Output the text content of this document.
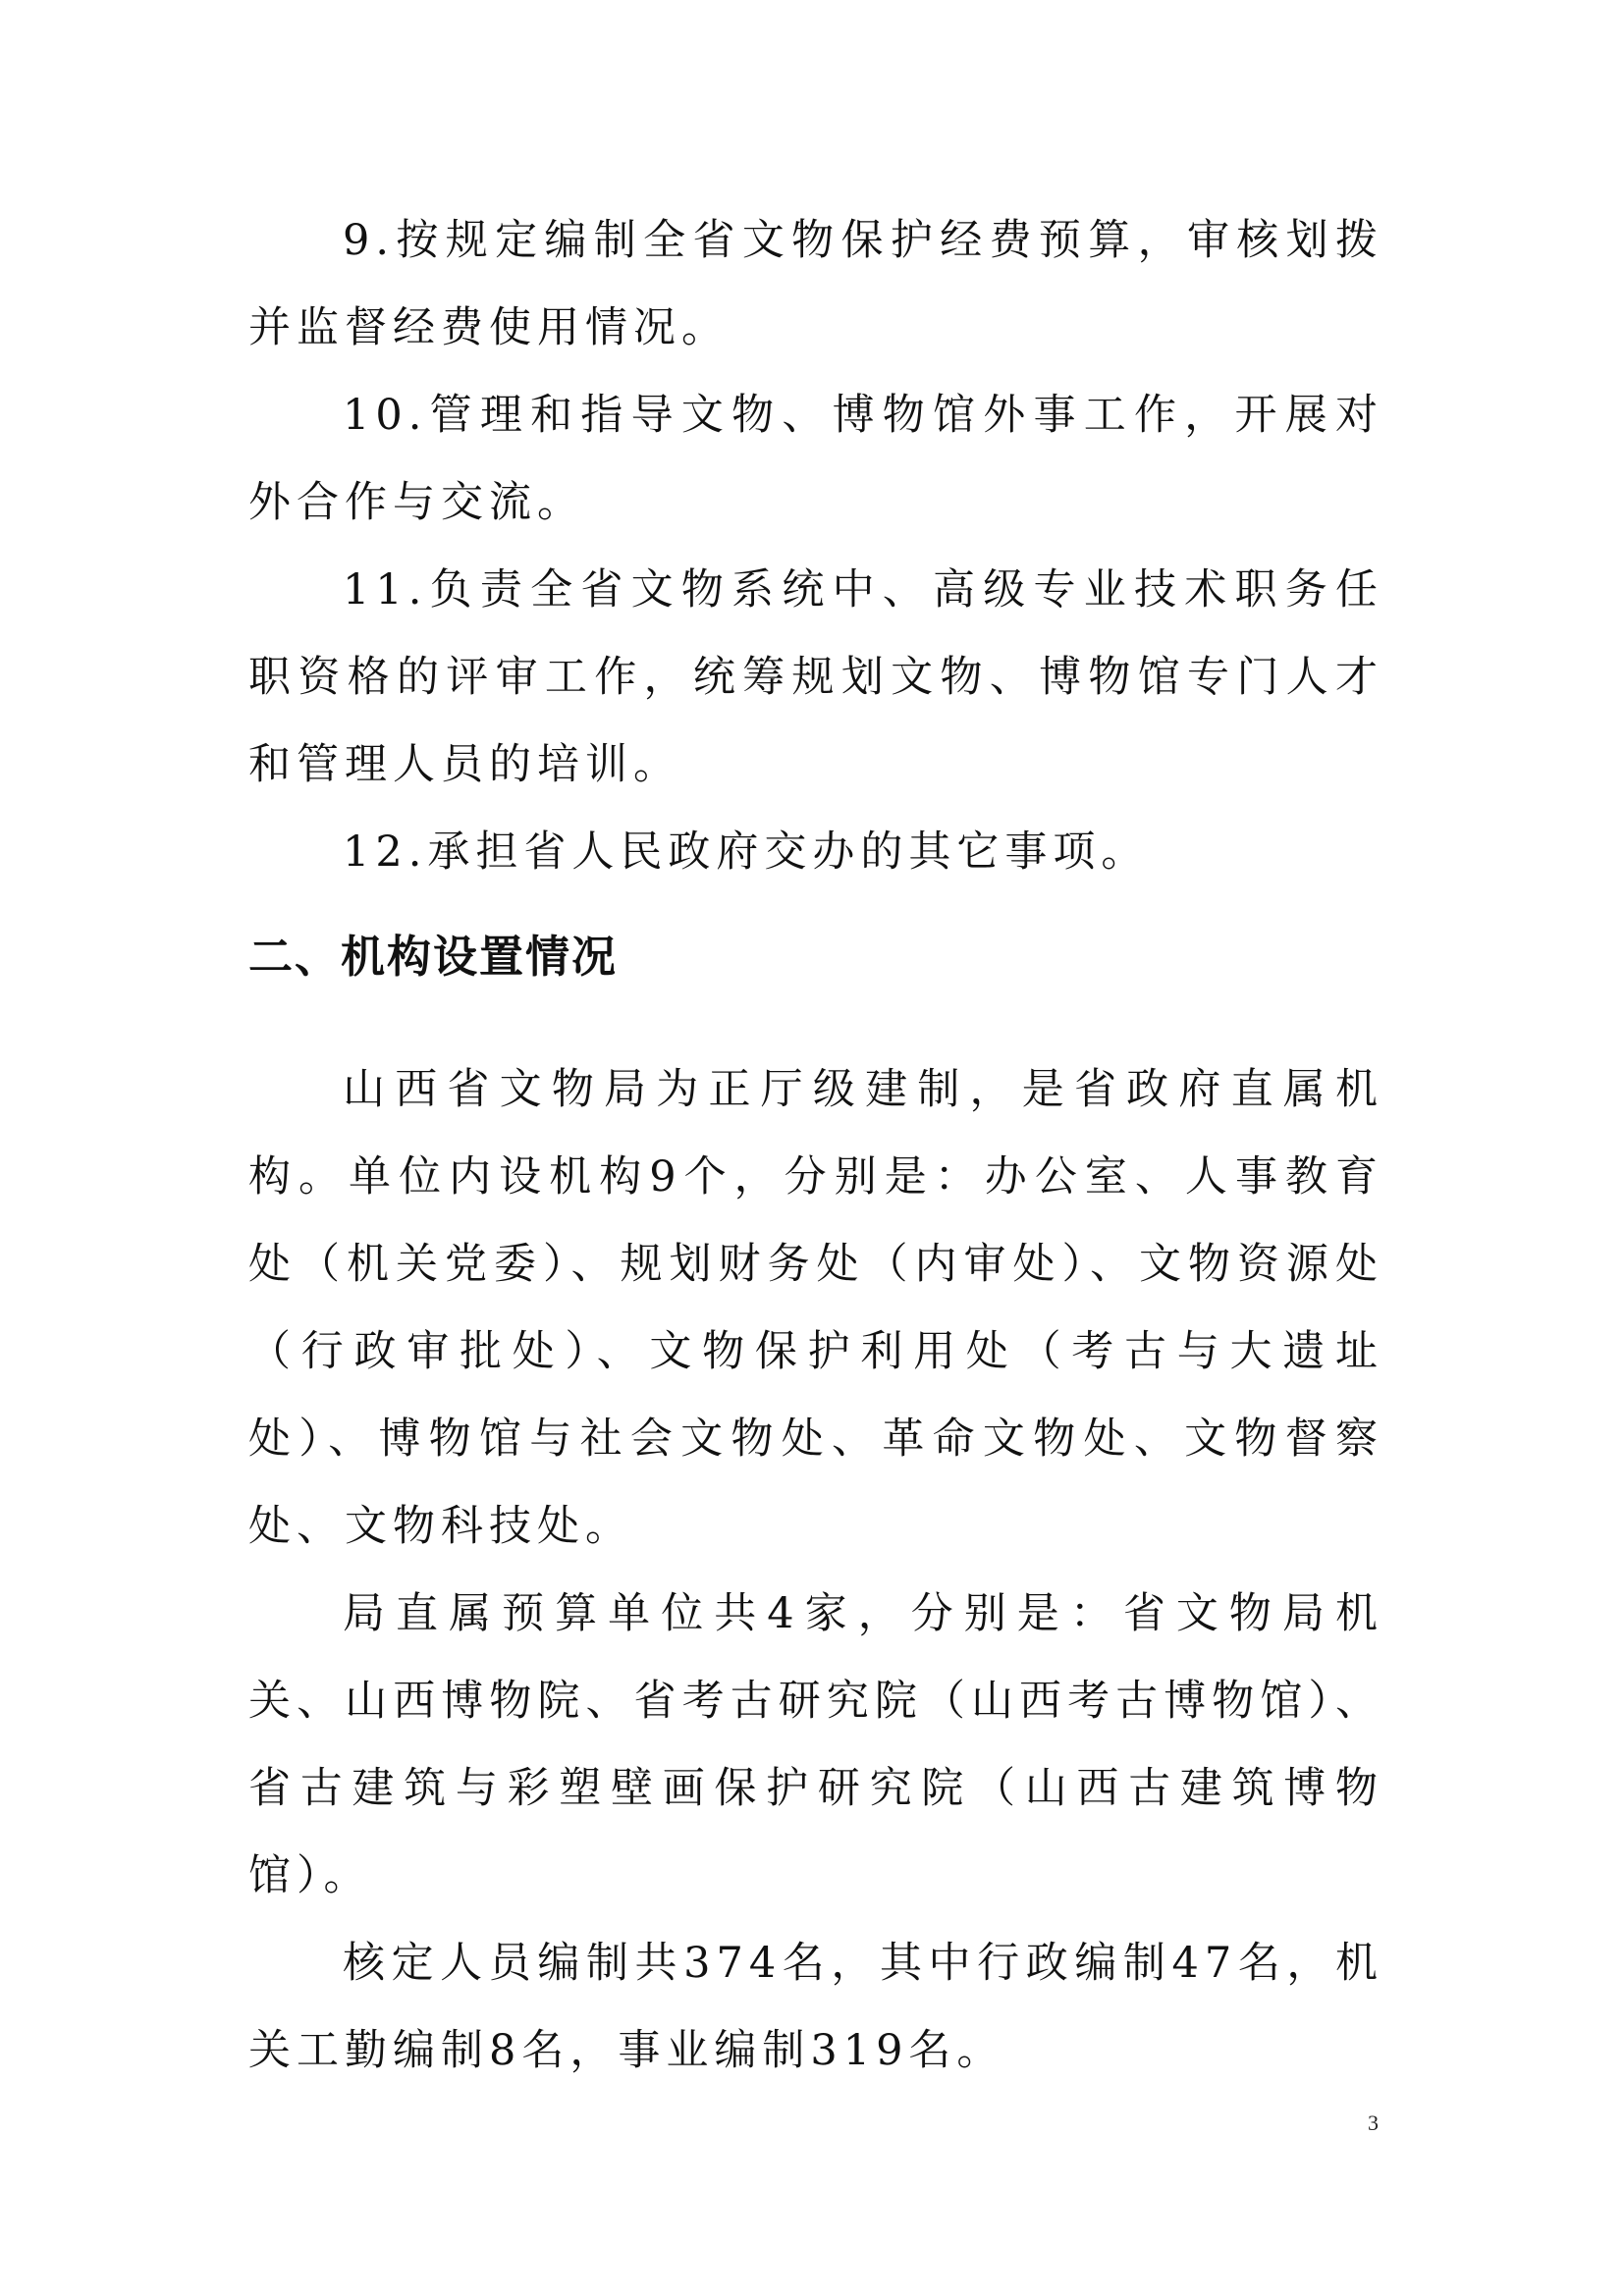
9.按规定编制全省文物保护经费预算，审核划拨并监督经费使用情况。

10.管理和指导文物、博物馆外事工作，开展对外合作与交流。

11.负责全省文物系统中、高级专业技术职务任职资格的评审工作，统筹规划文物、博物馆专门人才和管理人员的培训。

12.承担省人民政府交办的其它事项。

二、机构设置情况

山西省文物局为正厅级建制，是省政府直属机构。单位内设机构9个，分别是：办公室、人事教育处（机关党委）、规划财务处（内审处）、文物资源处（行政审批处）、文物保护利用处（考古与大遗址处）、博物馆与社会文物处、革命文物处、文物督察处、文物科技处。

局直属预算单位共4家，分别是：省文物局机关、山西博物院、省考古研究院（山西考古博物馆）、省古建筑与彩塑壁画保护研究院（山西古建筑博物馆）。

核定人员编制共374名，其中行政编制47名，机关工勤编制8名，事业编制319名。

3
